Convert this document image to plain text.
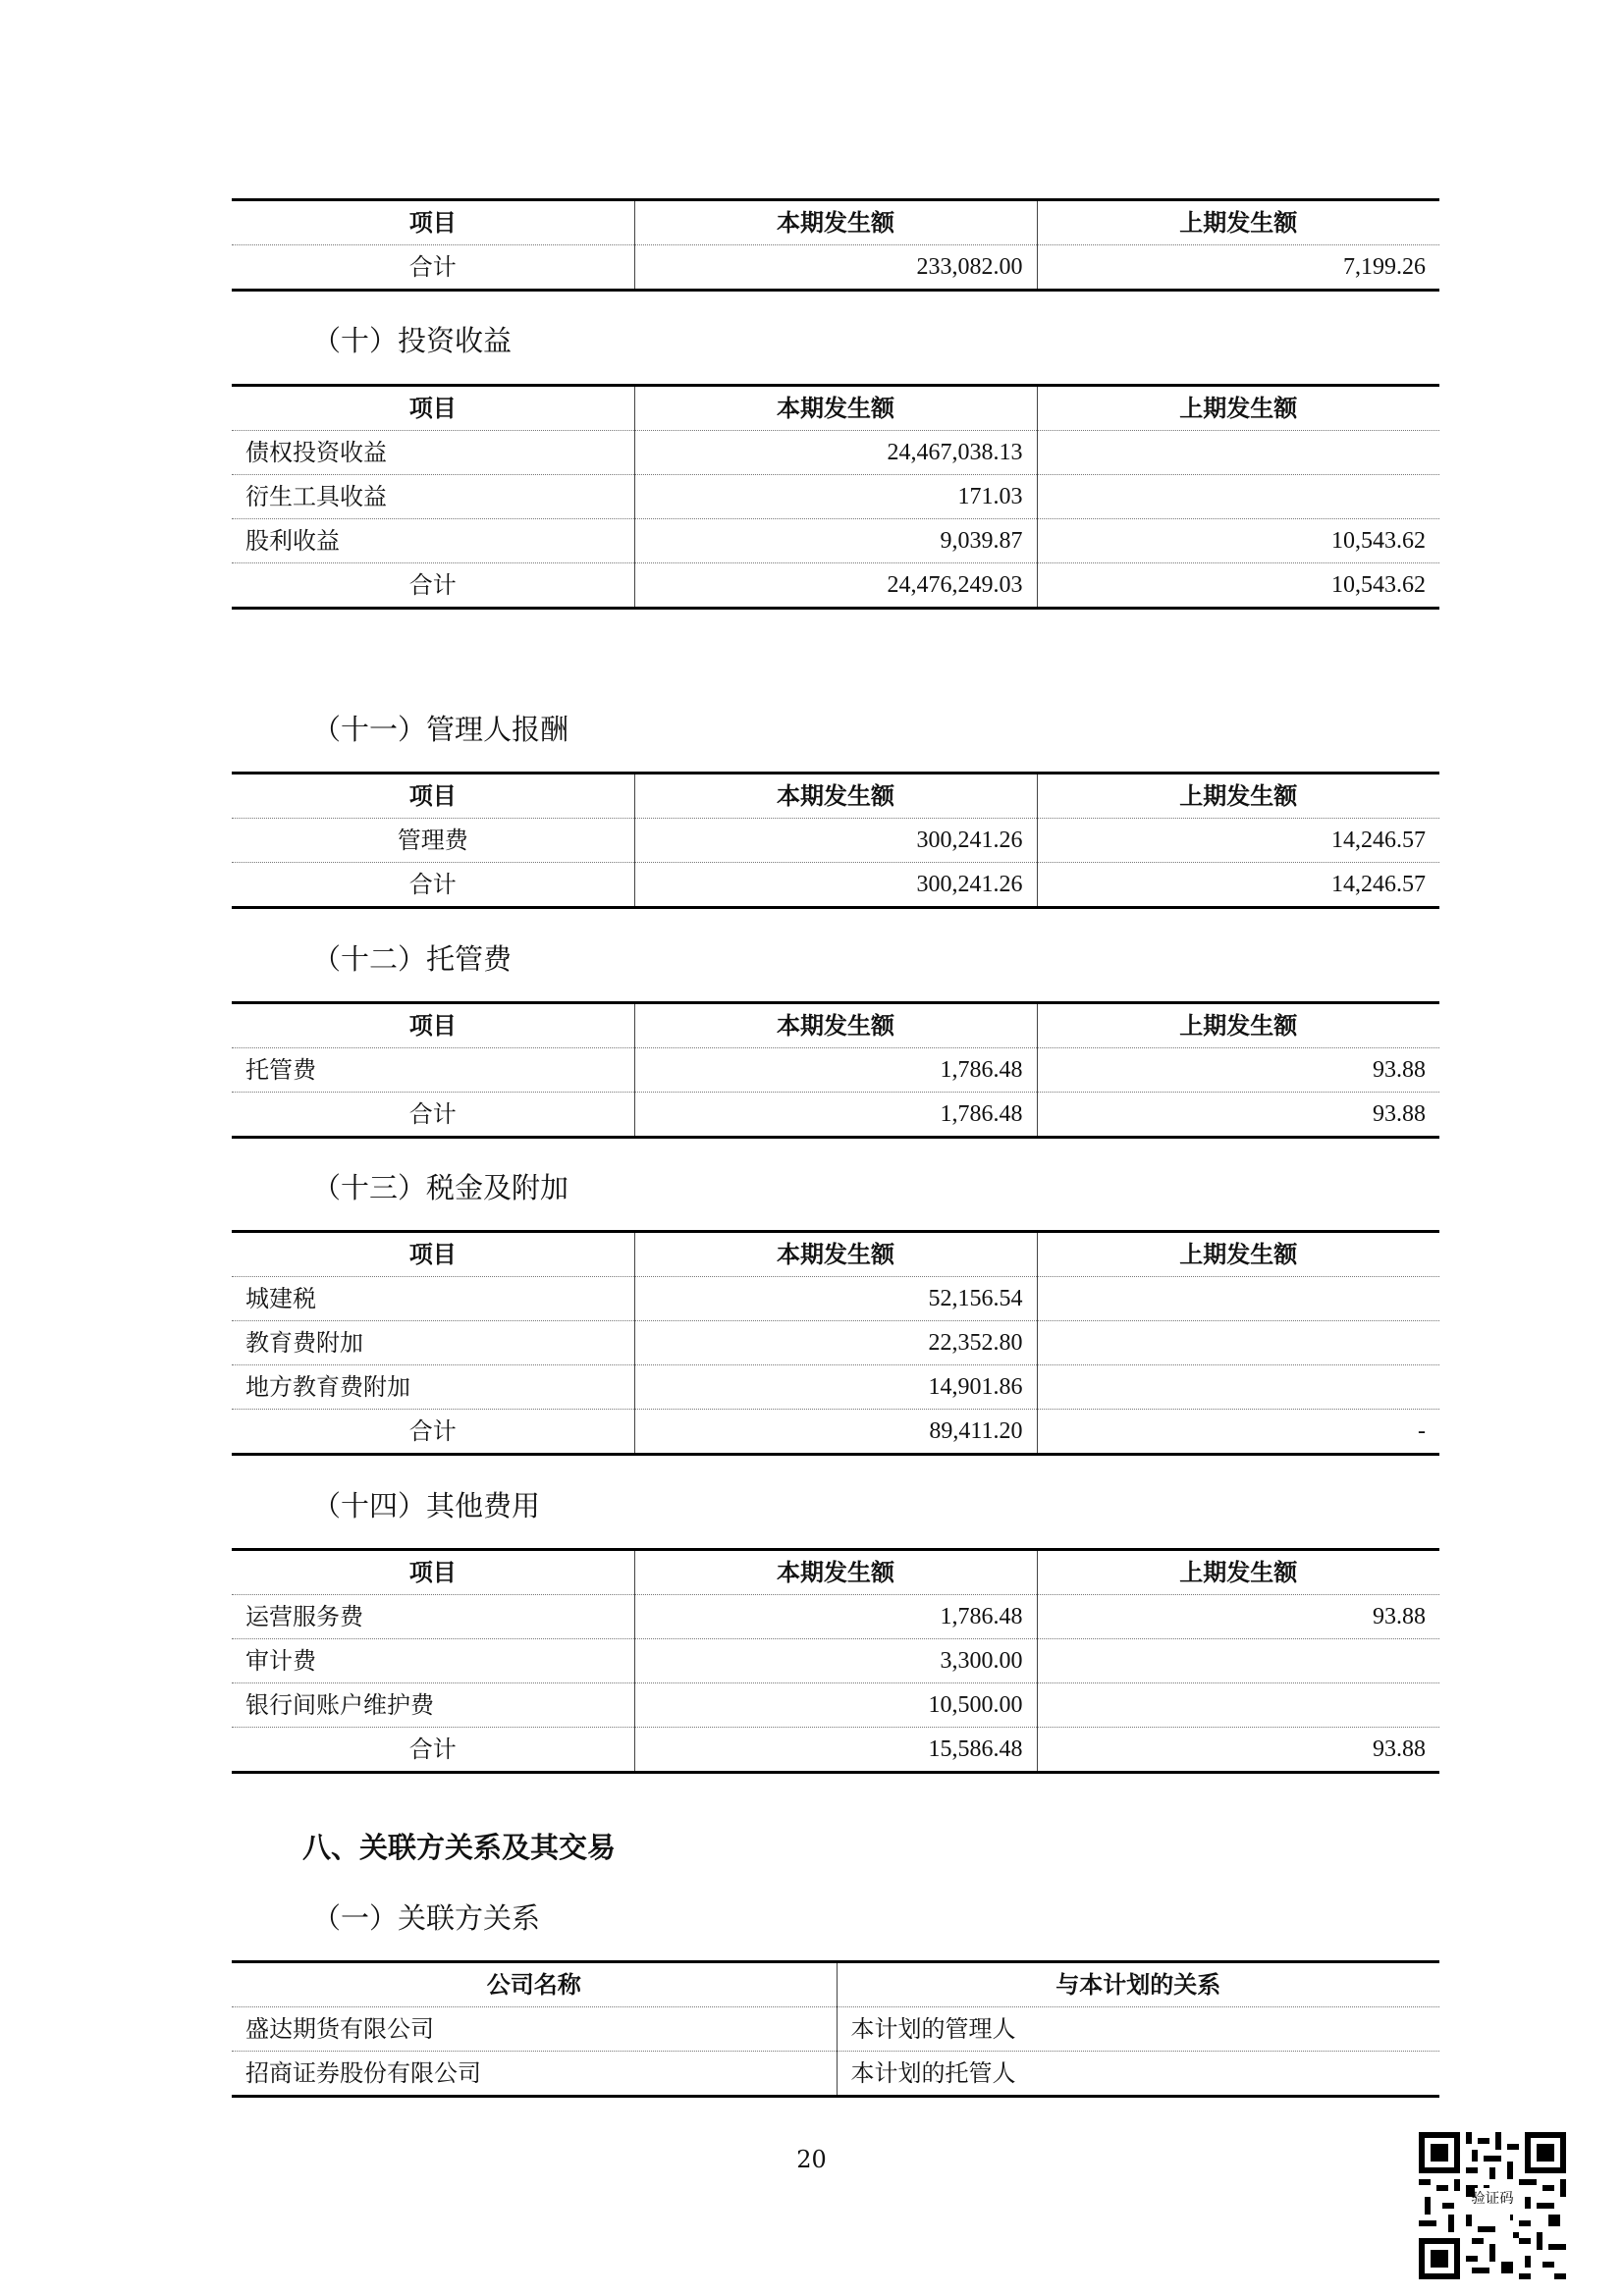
项目	本期发生额	上期发生额
合计	233,082.00	7,199.26
（十）投资收益
项目	本期发生额	上期发生额
债权投资收益	24,467,038.13	
衍生工具收益	171.03	
股利收益	9,039.87	10,543.62
合计	24,476,249.03	10,543.62
（十一）管理人报酬
项目	本期发生额	上期发生额
管理费	300,241.26	14,246.57
合计	300,241.26	14,246.57
（十二）托管费
项目	本期发生额	上期发生额
托管费	1,786.48	93.88
合计	1,786.48	93.88
（十三）税金及附加
项目	本期发生额	上期发生额
城建税	52,156.54	
教育费附加	22,352.80	
地方教育费附加	14,901.86	
合计	89,411.20	-
（十四）其他费用
项目	本期发生额	上期发生额
运营服务费	1,786.48	93.88
审计费	3,300.00	
银行间账户维护费	10,500.00	
合计	15,586.48	93.88
八、关联方关系及其交易
（一）关联方关系
公司名称	与本计划的关系
盛达期货有限公司	本计划的管理人
招商证券股份有限公司	本计划的托管人
20
验证码
